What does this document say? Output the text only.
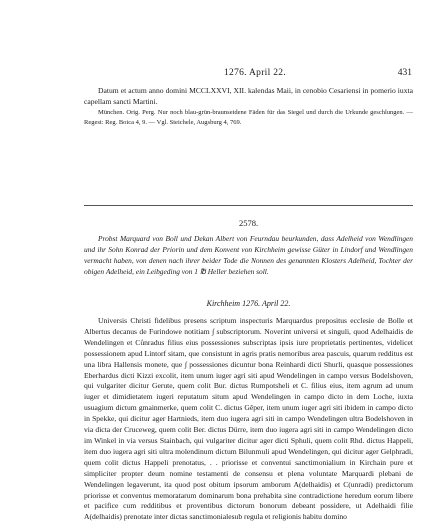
1276. April 22.	431

Datum et actum anno domini MCCLXXVI, XII. kalendas Maii, in cenobio Cesariensi in pomerio iuxta capellam sancti Martini.

München. Orig. Perg. Nur noch blau-grün-braunseidene Fäden für das Siegel und durch die Urkunde geschlungen. — Regest: Reg. Boica 4, 9. — Vgl. Steichele, Augsburg 4, 769.

2578.

Probst Marquard von Boll und Dekan Albert von Feurndau beurkunden, dass Adelheid von Wendlingen und ihr Sohn Konrad der Priorin und dem Konvent von Kirchheim gewisse Güter in Lindorf und Wendlingen vermacht haben, von denen nach ihrer beider Tode die Nonnen des genannten Klosters Adelheid, Tochter der obigen Adelheid, ein Leibgeding von 1 ℔ Heller beziehen soll.

Kirchheim 1276. April 22.

Universis Christi fidelibus presens scriptum inspecturis Marquardus prepositus ecclesie de Bolle et Albertus decanus de Furindowe notitiam ∫ subscriptorum. Noverint universi et singuli, quod Adelhaidis de Wendelingen et Cůnradus filius eius possessiones subscriptas ipsis iure proprietatis pertinentes, videlicet possessionem apud Lintorf sitam, que consistunt in agris pratis nemoribus area pascuis, quarum redditus est una libra Hallensis monete, que ∫ possessiones dicuntur bona Reinhardi dicti Shurli, quasque possessiones Eberhardus dicti Kizzi excolit, item unum iuger agri siti apud Wendelingen in campo versus Bodelshoven, qui vulgariter dicitur Gerute, quem colit Bur. dictus Rumpotsheli et C. filius eius, item agrum ad unum iuger et dimidietatem iugeri reputatum situm apud Wendelingen in campo dicto in dem Loche, iuxta usuagium dictum gmainmerke, quem colit C. dictus Gěper, item unum iuger agri siti ibidem in campo dicto in Spekke, qui dicitur ager Hartnieds, item duo iugera agri siti in campo Wendelingen ultra Bodelshoven in via dicta der Cruceweg, quem colit Ber. dictus Dürre, item duo iugera agri siti in campo Wendelingen dicto im Winkel in via versus Stainbach, qui vulgariter dicitur ager dicti Sphuli, quem colit Rhd. dictus Happeli, item duo iugera agri siti ultra molendinum dictum Bilunmuli apud Wendelingen, qui dicitur ager Gelphradi, quem colit dictus Happeli prenotatus, . . priorisse et conventui sanctimonialium in Kirchain pure et simpliciter propter deum nomine testamenti de consensu et plena voluntate Marquardi plebani de Wendelingen legaverunt, ita quod post obitum ipsorum amborum A(delhaidis) et C(unradi) predictorum priorisse et conventus memoratarum dominarum bona prehabita sine contradictione heredum eorum libere et pacifice cum redditibus et proventibus dictorum bonorum debeant possidere, ut Adelhaidi filie A(delhaidis) prenotate inter dictas sanctimonialesub regula et religionis habitu domino
